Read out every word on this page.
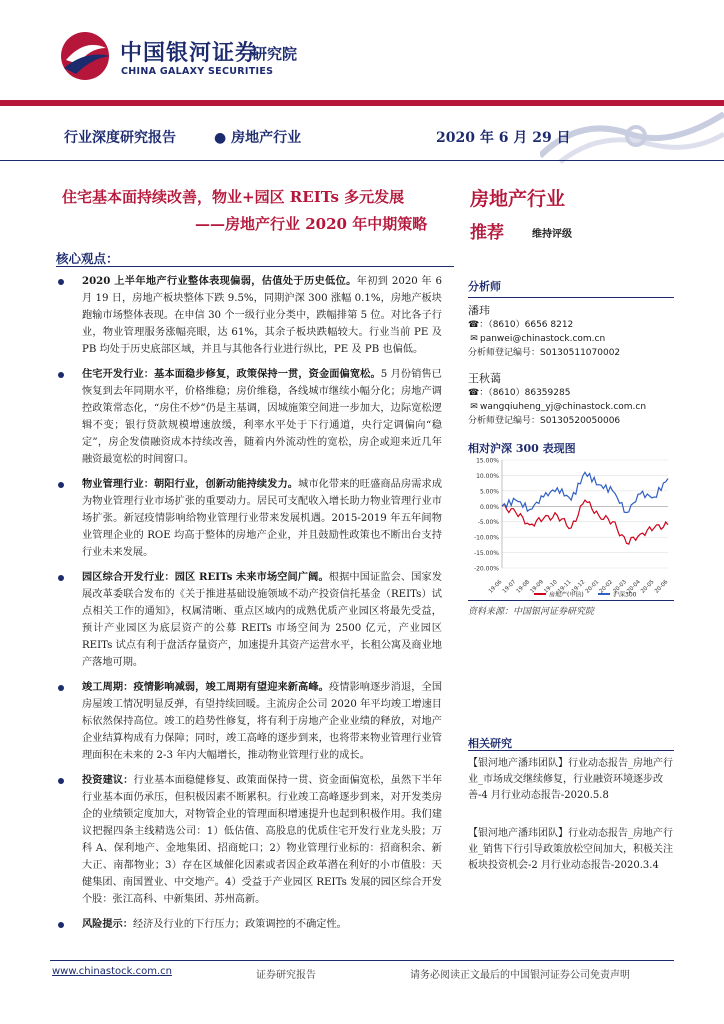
中国银河证券
研究院
CHINA GALAXY SECURITIES
行业深度研究报告	● 房地产行业	2020 年 6 月 29 日
住宅基本面持续改善，物业+园区 REITs 多元发展
——房地产行业 2020 年中期策略
房地产行业
推荐	维持评级
核心观点：
2020 上半年地产行业整体表现偏弱，估值处于历史低位。年初到 2020 年 6 月 19 日，房地产板块整体下跌 9.5%，同期沪深 300 涨幅 0.1%，房地产板块跑输市场整体表现。在申信 30 个一级行业分类中，跌幅排第 5 位。对比各子行业，物业管理服务涨幅亮眼，达 61%，其余子板块跌幅较大。行业当前 PE 及 PB 均处于历史底部区域，并且与其他各行业进行纵比，PE 及 PB 也偏低。
住宅开发行业：基本面稳步修复，政策保持一贯，资金面偏宽松。5 月份销售已恢复到去年同期水平，价格维稳；房价维稳，各线城市继续小幅分化；房地产调控政策常态化，“房住不炒”仍是主基调，因城施策空间进一步加大，边际宽松逻辑不变；银行贷款规模增速放缓，利率水平处于下行通道，央行定调偏向“稳定”，房企发债融资成本持续改善，随着内外流动性的宽松，房企或迎来近几年融资最宽松的时间窗口。
物业管理行业：朝阳行业，创新动能持续发力。城市化带来的旺盛商品房需求成为物业管理行业市场扩张的重要动力。居民可支配收入增长助力物业管理行业市场扩张。新冠疫情影响给物业管理行业带来发展机遇。2015-2019 年五年间物业管理企业的 ROE 均高于整体的房地产企业，并且鼓励性政策也不断出台支持行业未来发展。
园区综合开发行业：园区 REITs 未来市场空间广阔。根据中国证监会、国家发展改革委联合发布的《关于推进基础设施领域不动产投资信托基金（REITs）试点相关工作的通知》，权属清晰、重点区域内的成熟优质产业园区将最先受益，预计产业园区为底层资产的公募 REITs 市场空间为 2500 亿元，产业园区 REITs 试点有利于盘活存量资产，加速提升其资产运营水平，长租公寓及商业地产落地可期。
竣工周期：疫情影响减弱，竣工周期有望迎来新高峰。疫情影响逐步消退，全国房屋竣工情况明显反弹，有望持续回暖。主流房企公司 2020 年平均竣工增速目标依然保持高位。竣工的趋势性修复，将有利于房地产企业业绩的释放，对地产企业结算构成有力保障；同时，竣工高峰的逐步到来，也将带来物业管理行业管理面积在未来的 2-3 年内大幅增长，推动物业管理行业的成长。
投资建议：行业基本面稳健修复、政策面保持一贯、资金面偏宽松，虽然下半年行业基本面仍承压，但积极因素不断累积。行业竣工高峰逐步到来，对开发类房企的业绩锁定度加大，对物管企业的管理面积增速提升也起到积极作用。我们建议把握四条主线精选公司：1）低估值、高股息的优质住宅开发行业龙头股；万科 A、保利地产、金地集团、招商蛇口；2）物业管理行业标的：招商积余、新大正、南都物业；3）存在区域催化因素或者因企政革潜在利好的小市值股：天健集团、南国置业、中交地产。4）受益于产业园区 REITs 发展的园区综合开发个股：张江高科、中新集团、苏州高新。
风险提示：经济及行业的下行压力；政策调控的不确定性。
分析师
潘玮
☎：（8610）6656 8212
✉ panwei@chinastock.com.cn
分析师登记编号：S0130511070002
王秋蔼
☎：（8610）86359285
✉ wangqiuheng_yj@chinastock.com.cn
分析师登记编号：S0130520050006
相对沪深 300 表现图
15.00%
10.00%
5.00%
0.00%
-5.00%
-10.00%
-15.00%
-20.00%
19-06
19-07
19-08
19-09
19-10
19-11
19-12
20-01
20-02
20-03
20-04
20-05
20-06
房地产(申信)	沪深300
资料来源：中国银河证券研究院
相关研究
【银河地产潘玮团队】行业动态报告_房地产行业_市场成交继续修复，行业融资环境逐步改善-4 月行业动态报告-2020.5.8
【银河地产潘玮团队】行业动态报告_房地产行业_销售下行引导政策放松空间加大，积极关注板块投资机会-2 月行业动态报告-2020.3.4
www.chinastock.com.cn	证券研究报告	请务必阅读正文最后的中国银河证券公司免责声明
